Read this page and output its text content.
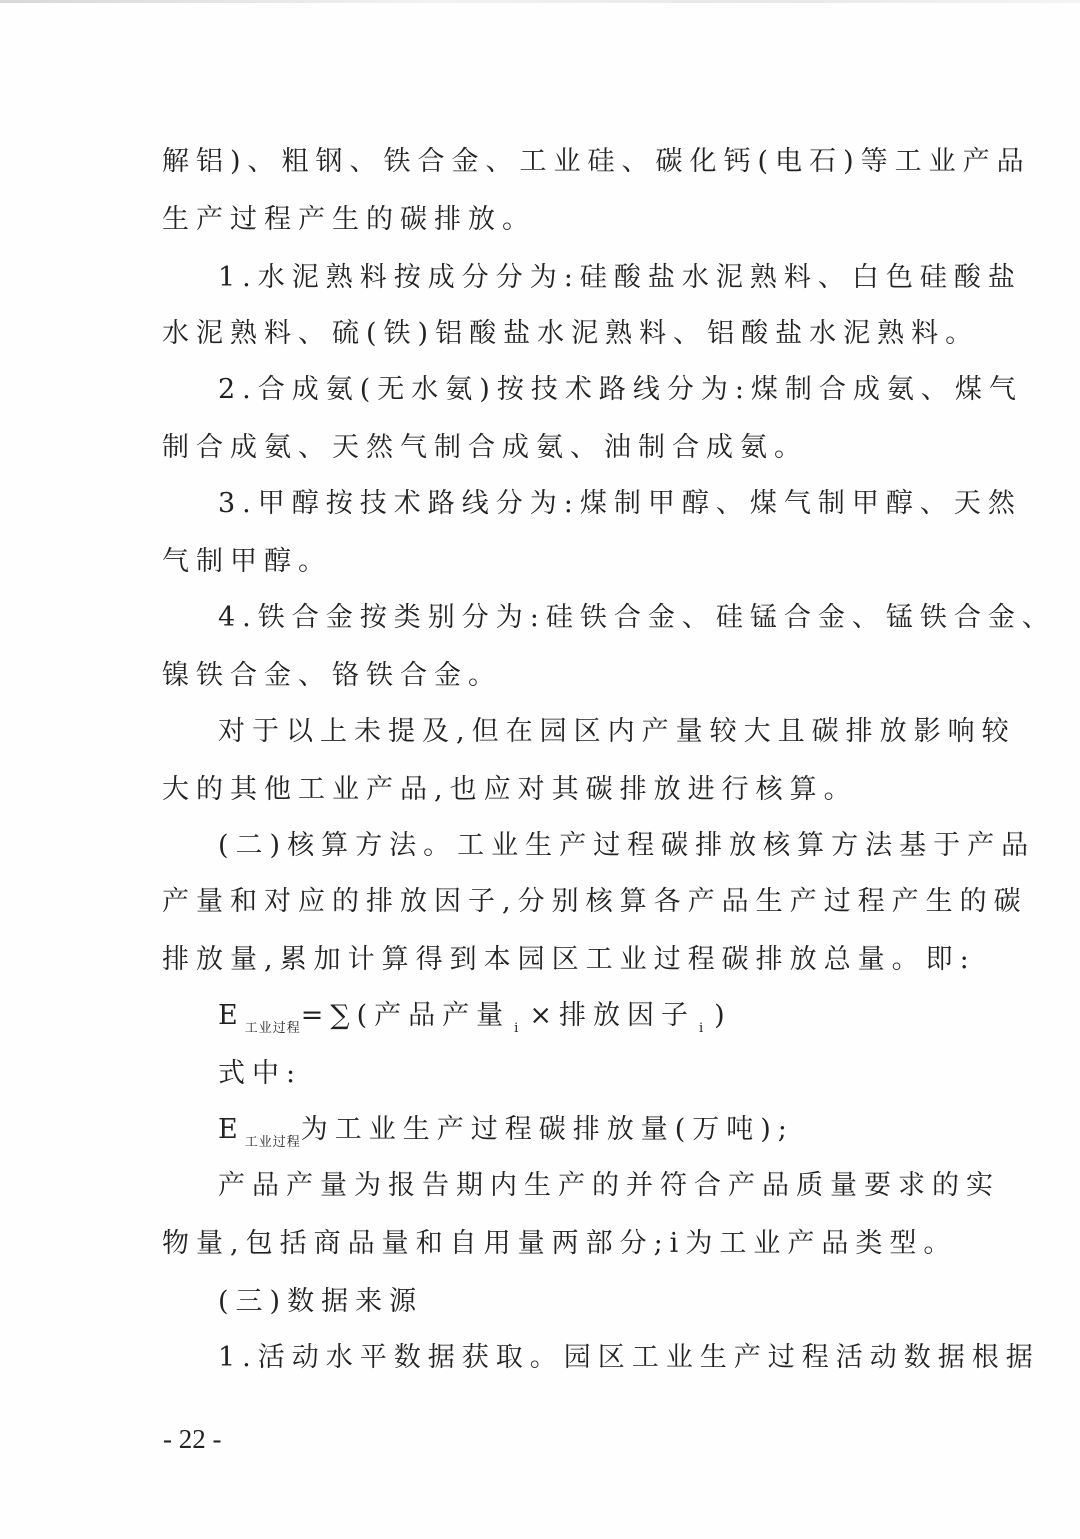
解铝)、粗钢、铁合金、工业硅、碳化钙(电石)等工业产品
生产过程产生的碳排放。
1.水泥熟料按成分分为:硅酸盐水泥熟料、白色硅酸盐
水泥熟料、硫(铁)铝酸盐水泥熟料、铝酸盐水泥熟料。
2.合成氨(无水氨)按技术路线分为:煤制合成氨、煤气
制合成氨、天然气制合成氨、油制合成氨。
3.甲醇按技术路线分为:煤制甲醇、煤气制甲醇、天然
气制甲醇。
4.铁合金按类别分为:硅铁合金、硅锰合金、锰铁合金、
镍铁合金、铬铁合金。
对于以上未提及,但在园区内产量较大且碳排放影响较
大的其他工业产品,也应对其碳排放进行核算。
(二)核算方法。工业生产过程碳排放核算方法基于产品
产量和对应的排放因子,分别核算各产品生产过程产生的碳
排放量,累加计算得到本园区工业过程碳排放总量。即:
$E_{工业过程}=\sum$(产品产量 $_i$ ×排放因子 $_i$ )
式中:
$E_{工业过程}$为工业生产过程碳排放量(万吨);
产品产量为报告期内生产的并符合产品质量要求的实
物量,包括商品量和自用量两部分;i为工业产品类型。
(三)数据来源
1.活动水平数据获取。园区工业生产过程活动数据根据
- 22 -
